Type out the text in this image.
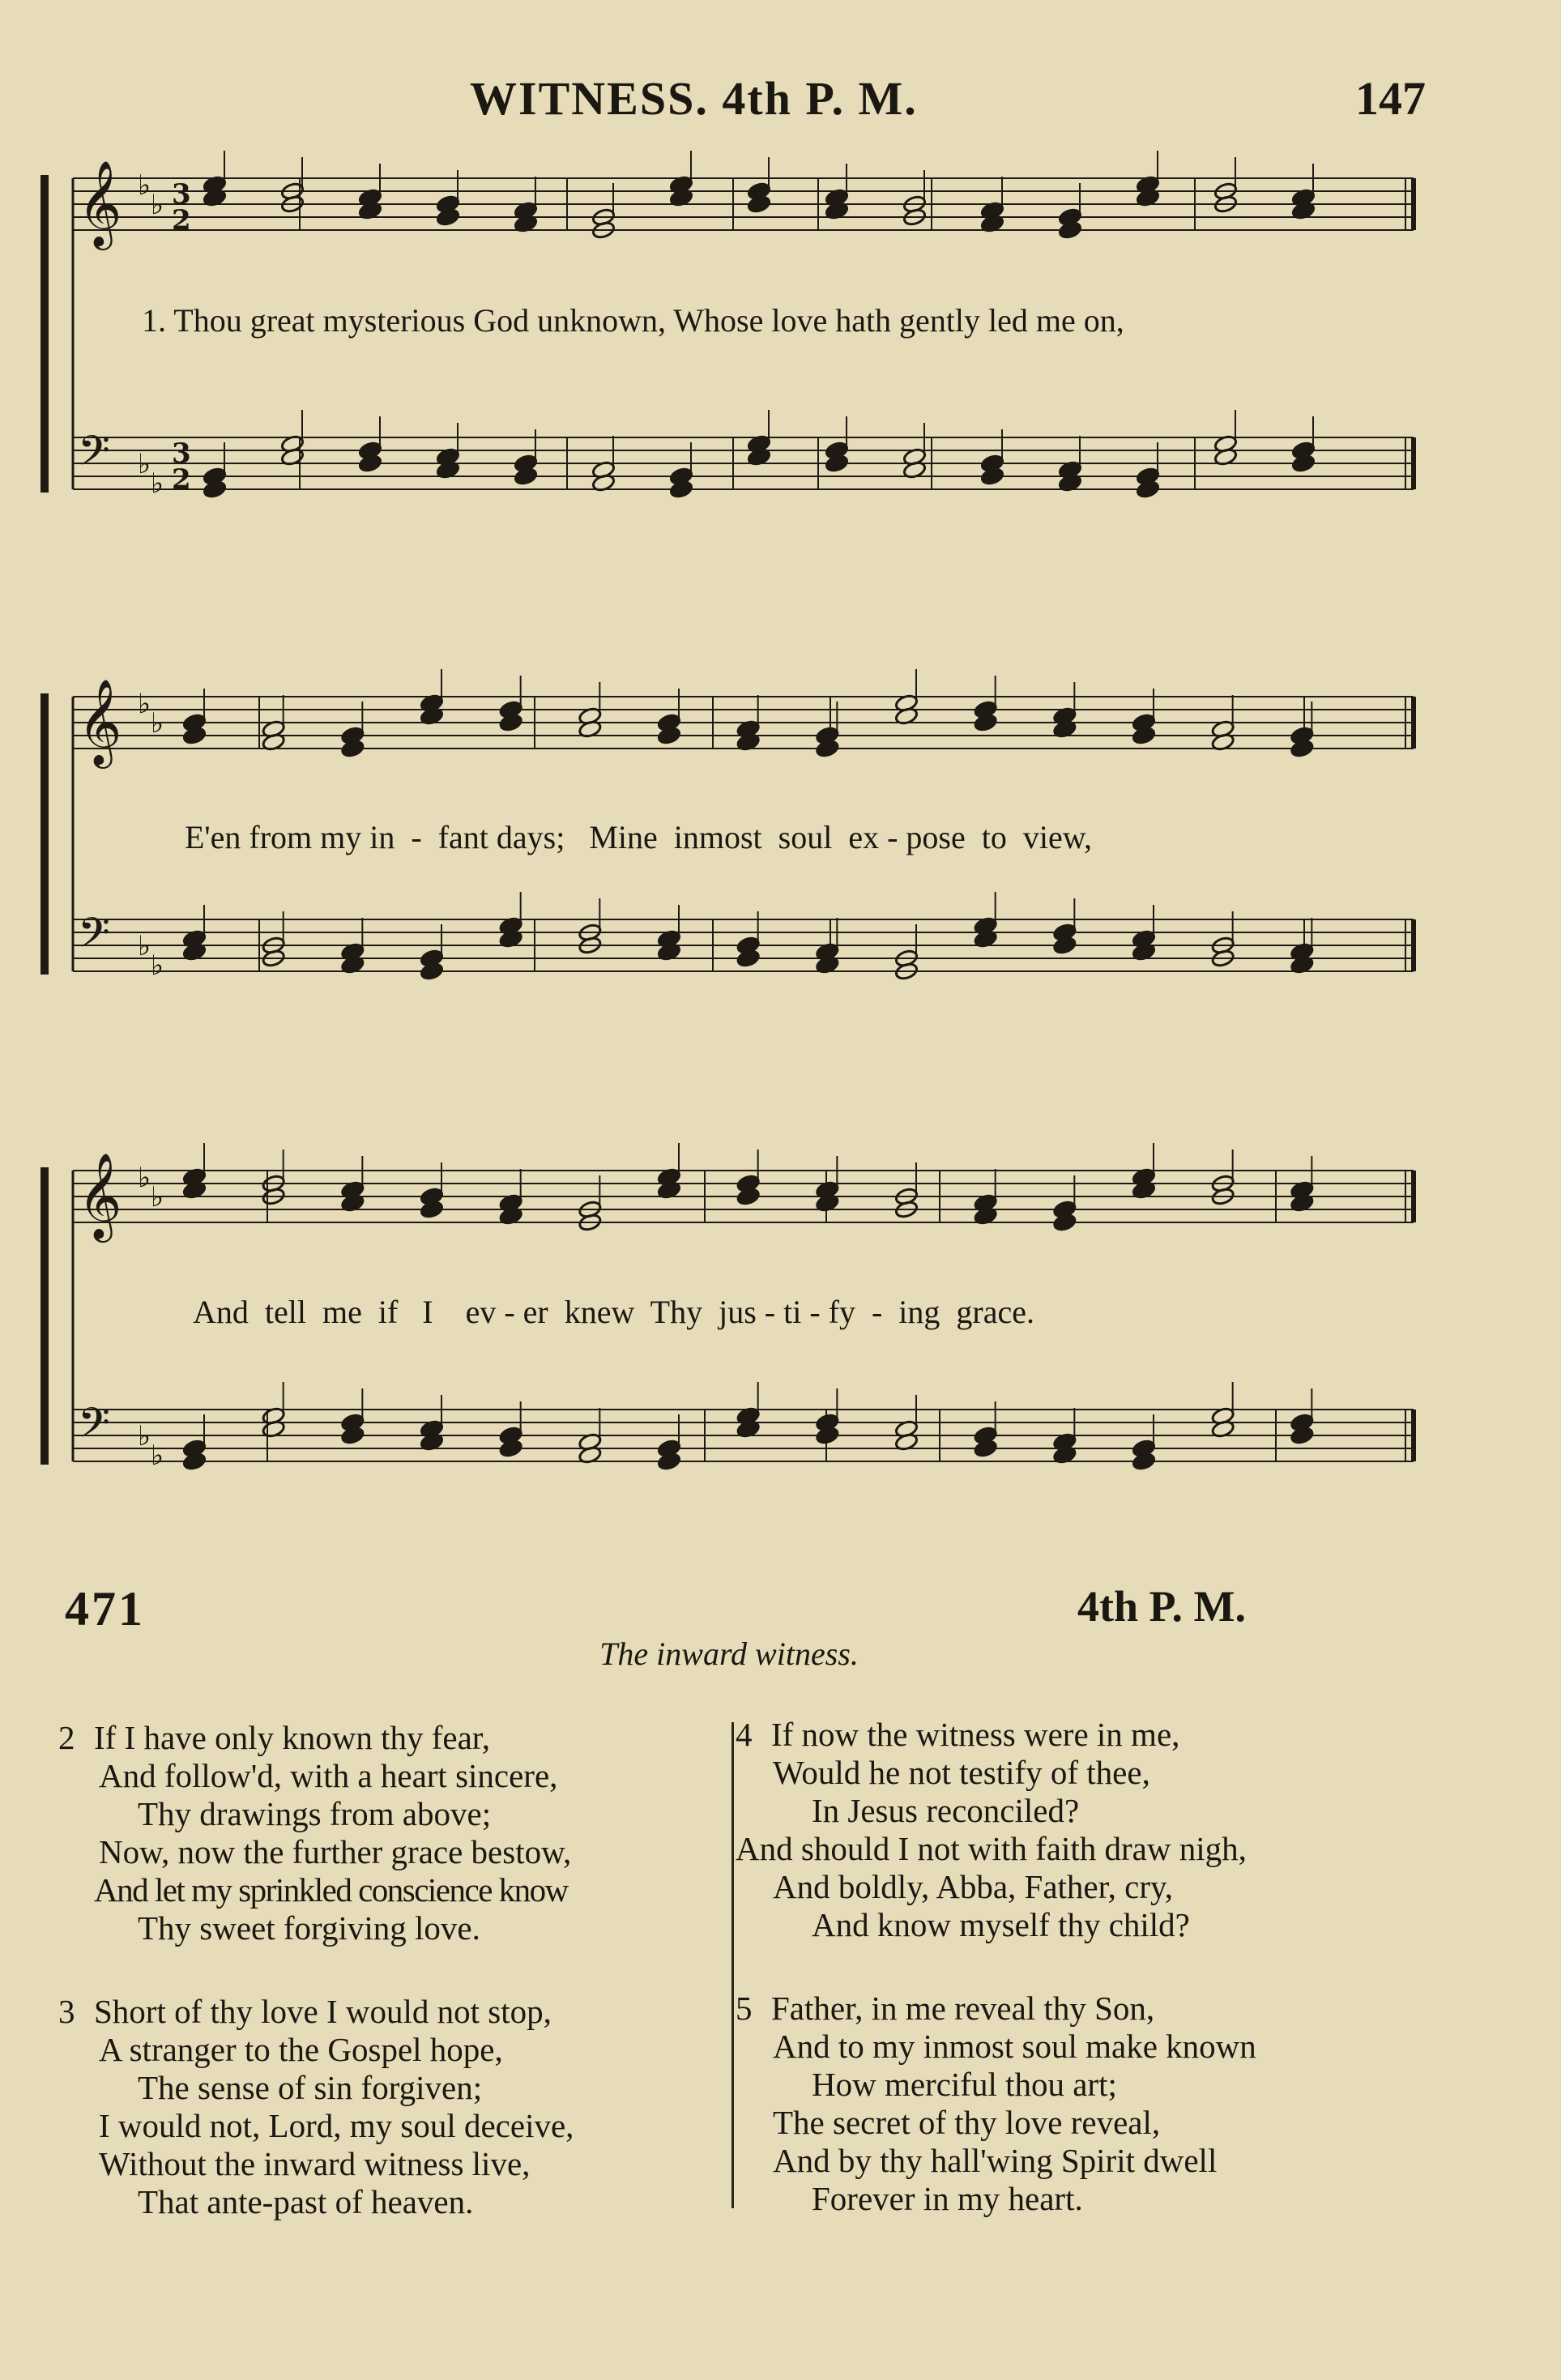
WITNESS. 4th P. M.	147
𝄞 ♭
♭ 3
2
𝄢 ♭
♭
3
2
𝄞 ♭
♭
𝄢 ♭
♭
𝄞 ♭
♭
𝄢 ♭
♭
1. Thou great mysterious God unknown, Whose love hath gently led me on,
E'en from my in  -  fant days;   Mine  inmost  soul  ex - pose  to  view,
And  tell  me  if   I    ev - er  knew  Thy  jus - ti - fy  -  ing  grace.
471	4th P. M.
The inward witness.
2 If I have only known thy fear,
And follow'd, with a heart sincere,
Thy drawings from above;
Now, now the further grace bestow,
And let my sprinkled conscience know
Thy sweet forgiving love.
3 Short of thy love I would not stop,
A stranger to the Gospel hope,
The sense of sin forgiven;
I would not, Lord, my soul deceive,
Without the inward witness live,
That ante-past of heaven.
4 If now the witness were in me,
Would he not testify of thee,
In Jesus reconciled?
And should I not with faith draw nigh,
And boldly, Abba, Father, cry,
And know myself thy child?
5 Father, in me reveal thy Son,
And to my inmost soul make known
How merciful thou art;
The secret of thy love reveal,
And by thy hall'wing Spirit dwell
Forever in my heart.
